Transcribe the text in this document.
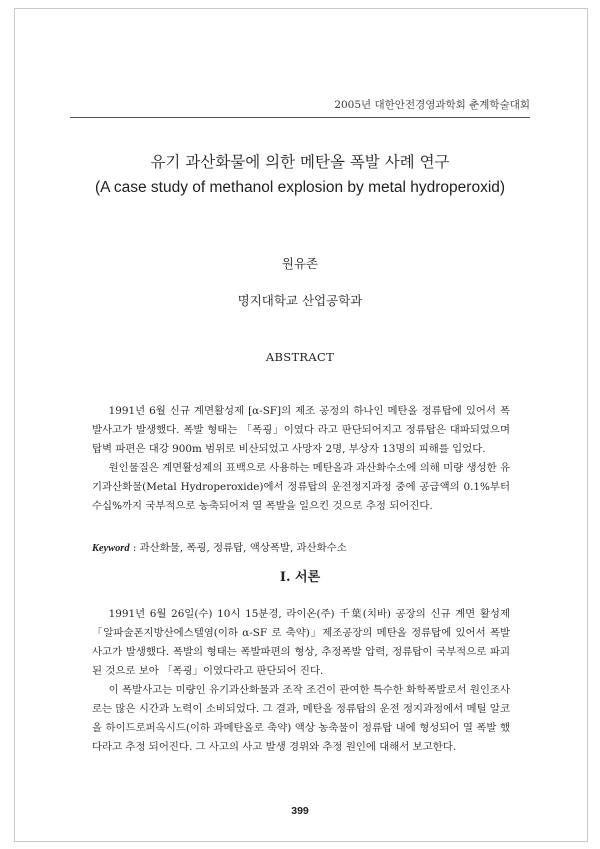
2005년 대한안전경영과학회 춘계학술대회
유기 과산화물에 의한 메탄올 폭발 사례 연구
(A case study of methanol explosion by metal hydroperoxid)
원유존
명지대학교 산업공학과
ABSTRACT

1991년 6월 신규 계면활성제 [α-SF]의 제조 공정의 하나인 메탄올 정류탑에 있어서 폭발사고가 발생했다. 폭발 형태는 「폭굉」이였다 라고 판단되어지고 정류탑은 대파되었으며 탑벽 파편은 대강 900m 범위로 비산되었고 사망자 2명, 부상자 13명의 피해를 입었다.

원인물질은 계면활성제의 표백으로 사용하는 메탄올과 과산화수소에 의해 미량 생성한 유기과산화물(Metal Hydroperoxide)에서 정류탑의 운전정지과정 중에 공급액의 0.1%부터 수십%까지 국부적으로 농축되어져 열 폭발을 일으킨 것으로 추정 되어진다.

Keyword : 과산화물, 폭굉, 정류탑, 액상폭발, 과산화수소
I. 서론

1991년 6월 26일(수) 10시 15분경, 라이온(주) 千葉(치바) 공장의 신규 계면 활성제 「알파술폰지방산에스텔염(이하 α-SF 로 축약)」제조공장의 메탄올 정류탑에 있어서 폭발사고가 발생했다. 폭발의 형태는 폭발파편의 형상, 추정폭발 압력, 정류탑이 국부적으로 파괴 된 것으로 보아 「폭굉」이였다라고 판단되어 진다.

이 폭발사고는 미량인 유기과산화물과 조작 조건이 관여한 특수한 화학폭발로서 원인조사로는 많은 시간과 노력이 소비되었다. 그 결과, 메탄올 정류탑의 운전 정지과정에서 메틸 알코올 하이드로퍼옥시드(이하 과메탄올로 축약) 액상 농축물이 정류탑 내에 형성되어 열 폭발 했다라고 추정 되어진다. 그 사고의 사고 발생 경위와 추정 원인에 대해서 보고한다.

399
